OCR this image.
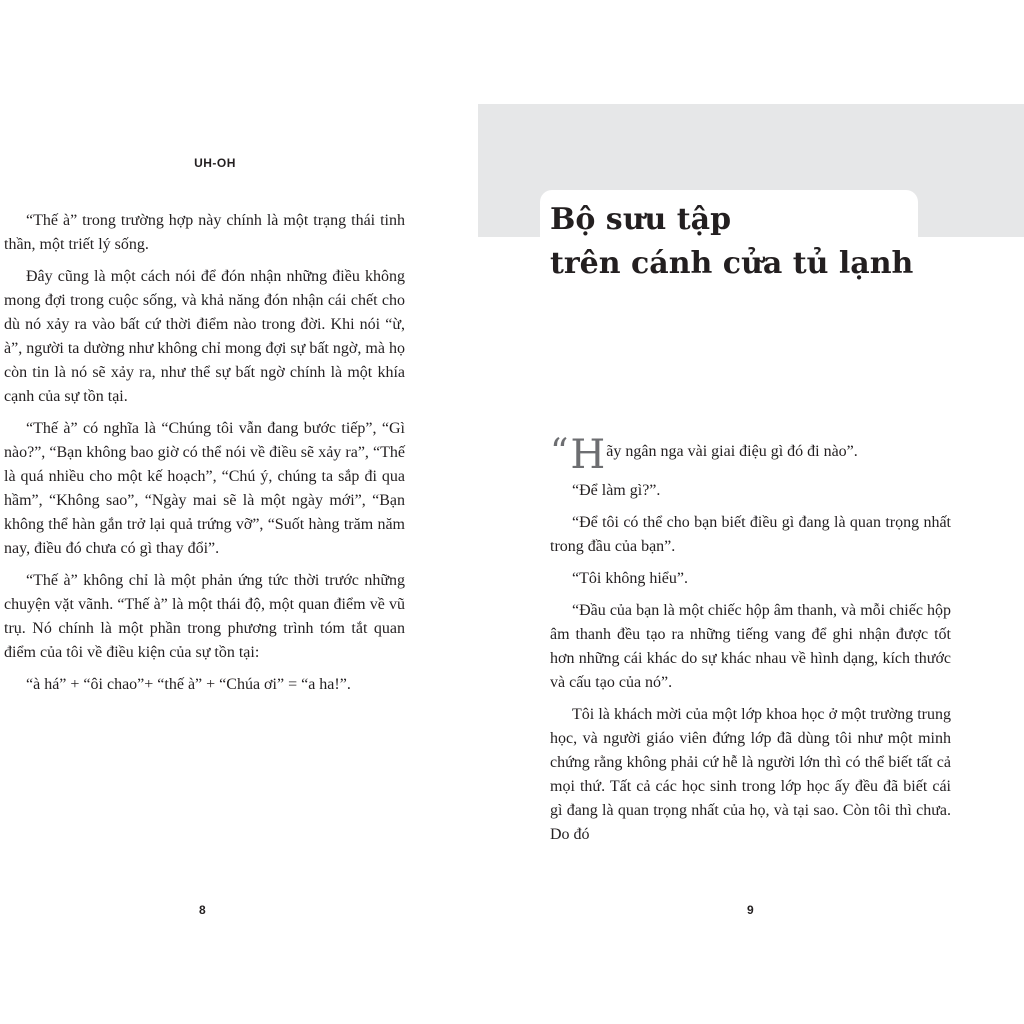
UH-OH

“Thế à” trong trường hợp này chính là một trạng thái tinh thần, một triết lý sống.

Đây cũng là một cách nói để đón nhận những điều không mong đợi trong cuộc sống, và khả năng đón nhận cái chết cho dù nó xảy ra vào bất cứ thời điểm nào trong đời. Khi nói “ừ, à”, người ta dường như không chỉ mong đợi sự bất ngờ, mà họ còn tin là nó sẽ xảy ra, như thể sự bất ngờ chính là một khía cạnh của sự tồn tại.

“Thế à” có nghĩa là “Chúng tôi vẫn đang bước tiếp”, “Gì nào?”, “Bạn không bao giờ có thể nói về điều sẽ xảy ra”, “Thế là quá nhiều cho một kế hoạch”, “Chú ý, chúng ta sắp đi qua hầm”, “Không sao”, “Ngày mai sẽ là một ngày mới”, “Bạn không thể hàn gắn trở lại quả trứng vỡ”, “Suốt hàng trăm năm nay, điều đó chưa có gì thay đổi”.

“Thế à” không chỉ là một phản ứng tức thời trước những chuyện vặt vãnh. “Thế à” là một thái độ, một quan điểm về vũ trụ. Nó chính là một phần trong phương trình tóm tắt quan điểm của tôi về điều kiện của sự tồn tại:

“à há” + “ôi chao”+ “thế à” + “Chúa ơi” = “a ha!”.

8
Bộ sưu tập
trên cánh cửa tủ lạnh

“Hãy ngân nga vài giai điệu gì đó đi nào”.

“Để làm gì?”.

“Để tôi có thể cho bạn biết điều gì đang là quan trọng nhất trong đầu của bạn”.

“Tôi không hiểu”.

“Đầu của bạn là một chiếc hộp âm thanh, và mỗi chiếc hộp âm thanh đều tạo ra những tiếng vang để ghi nhận được tốt hơn những cái khác do sự khác nhau về hình dạng, kích thước và cấu tạo của nó”.

Tôi là khách mời của một lớp khoa học ở một trường trung học, và người giáo viên đứng lớp đã dùng tôi như một minh chứng rằng không phải cứ hễ là người lớn thì có thể biết tất cả mọi thứ. Tất cả các học sinh trong lớp học ấy đều đã biết cái gì đang là quan trọng nhất của họ, và tại sao. Còn tôi thì chưa. Do đó

9
